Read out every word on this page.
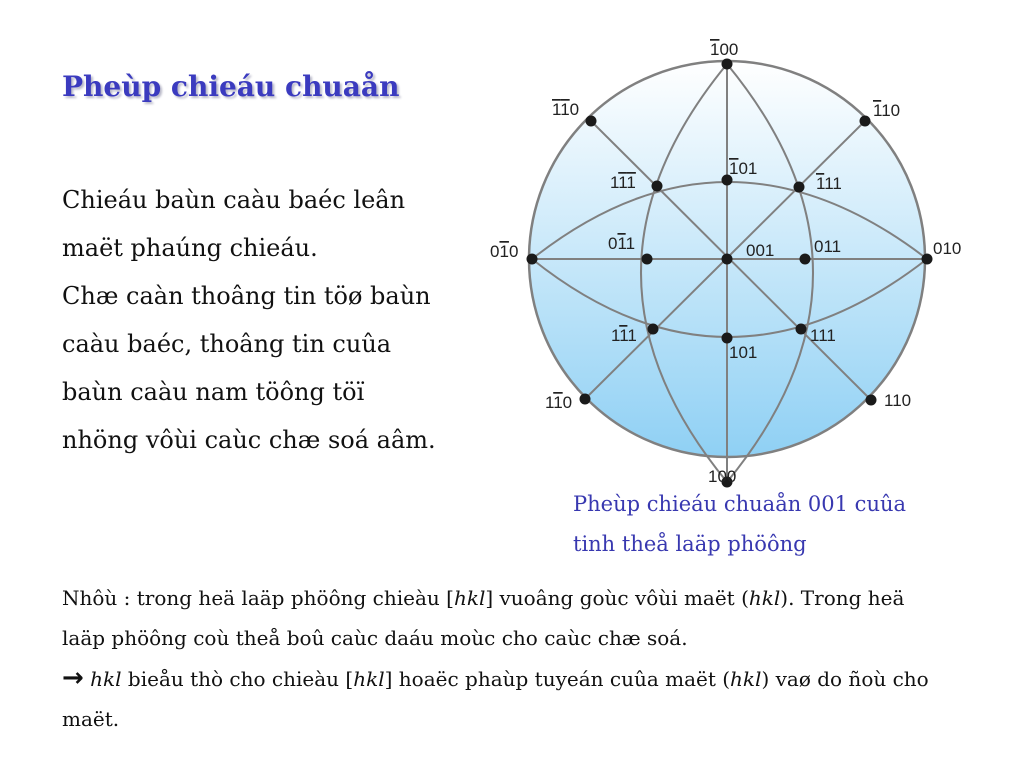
Pheùp chieáu chuaån
Chieáu baùn caàu baéc leân
maët phaúng chieáu.
Chæ caàn thoâng tin töø baùn
caàu baéc, thoâng tin cuûa
baùn caàu nam töông töï
nhöng vôùi caùc chæ soá aâm.
100
110	110
111
101
111
010	011	001 011	010
111
101
111
110	110
100
Pheùp chieáu chuaån 001 cuûa
tinh theå laäp phöông
Nhôù : trong heä laäp phöông chieàu [hkl] vuoâng goùc vôùi maët (hkl). Trong heä
laäp phöông coù theå boû caùc daáu moùc cho caùc chæ soá.
→ hkl bieåu thò cho chieàu [hkl] hoaëc phaùp tuyeán cuûa maët (hkl) vaø do ñoù cho
maët.
